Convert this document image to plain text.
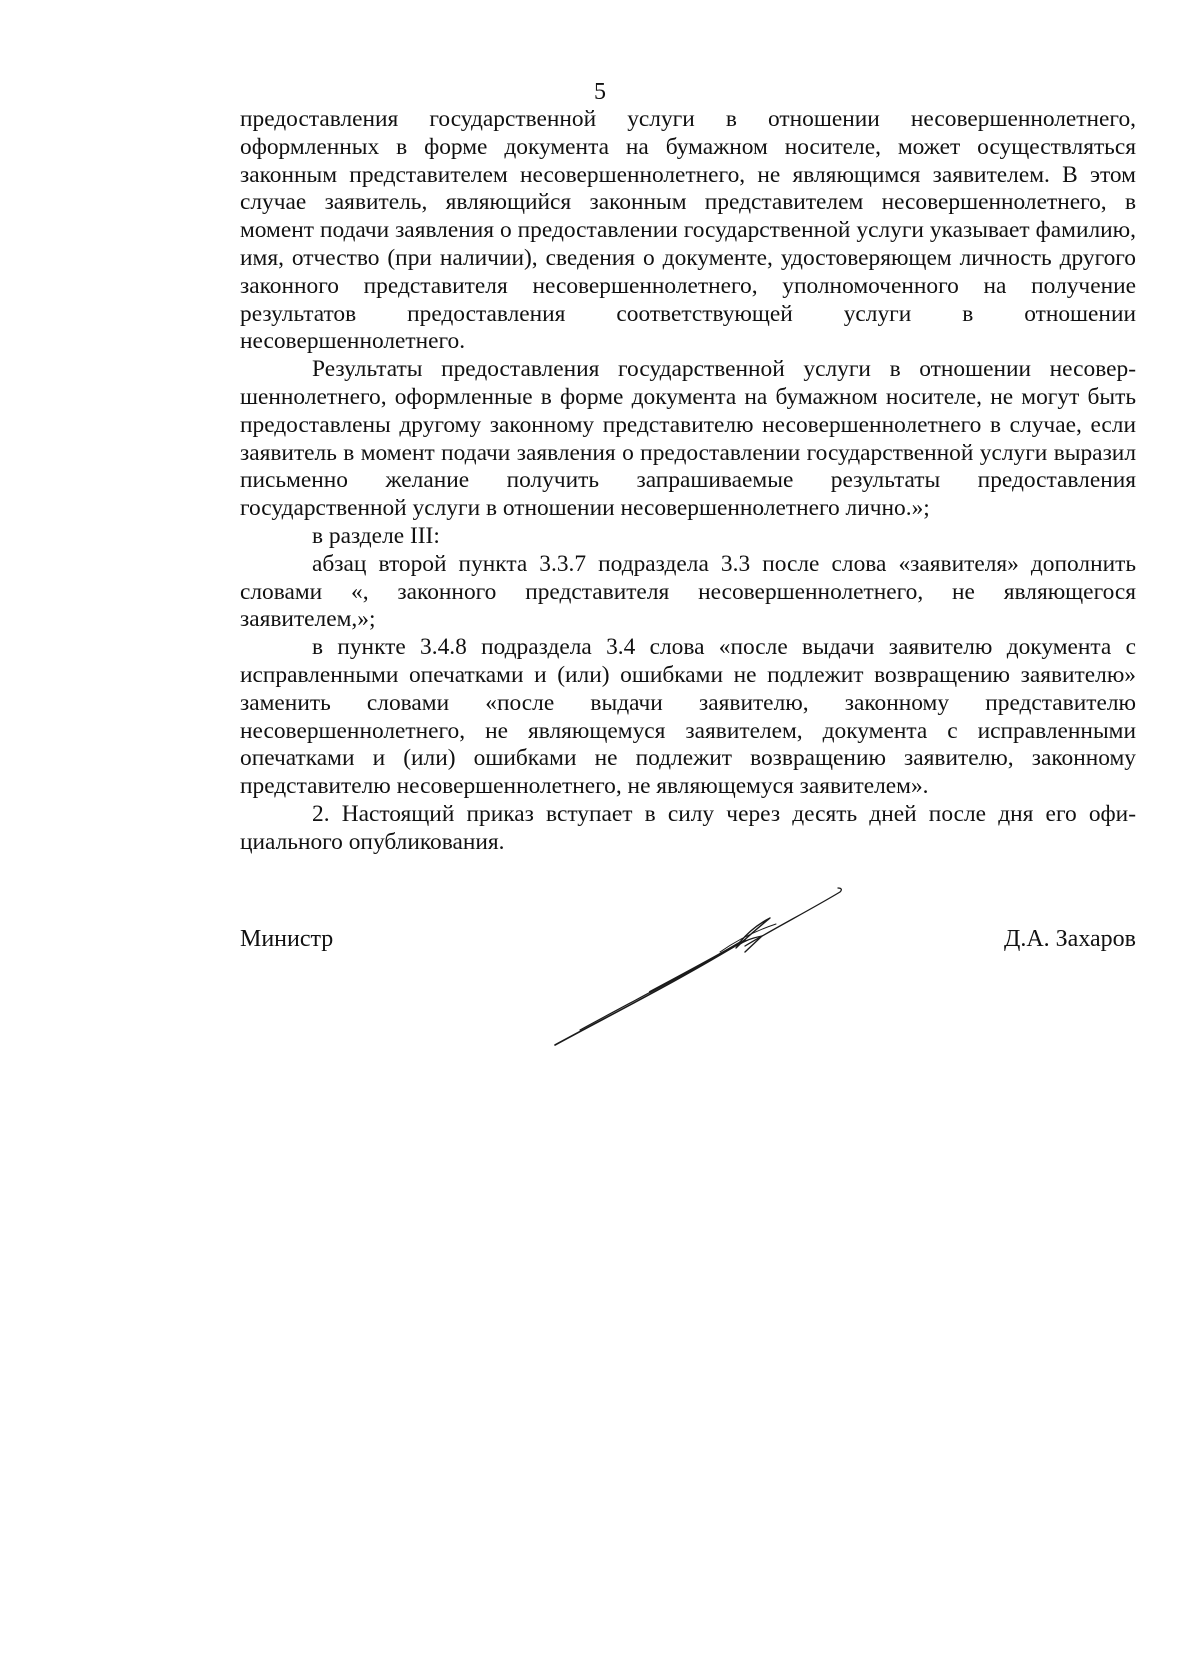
5

предоставления государственной услуги в отношении несовершеннолетнего, оформленных в форме документа на бумажном носителе, может осуществляться законным представителем несовершеннолетнего, не являющимся заявителем. В этом случае заявитель, являющийся законным представителем несовершеннолетнего, в момент подачи заявления о предоставлении государственной услуги указывает фамилию, имя, отчество (при наличии), сведения о документе, удостоверяющем личность другого законного представителя несовершеннолетнего, уполномоченного на получение результатов предоставления соответствующей услуги в отношении несовершеннолетнего.

Результаты предоставления государственной услуги в отношении несовершеннолетнего, оформленные в форме документа на бумажном носителе, не могут быть предоставлены другому законному представителю несовершеннолетнего в случае, если заявитель в момент подачи заявления о предоставлении государственной услуги выразил письменно желание получить запрашиваемые результаты предоставления государственной услуги в отношении несовершеннолетнего лично.»;

в разделе III:

абзац второй пункта 3.3.7 подраздела 3.3 после слова «заявителя» дополнить словами «, законного представителя несовершеннолетнего, не являющегося заявителем,»;

в пункте 3.4.8 подраздела 3.4 слова «после выдачи заявителю документа с исправленными опечатками и (или) ошибками не подлежит возвращению заявителю» заменить словами «после выдачи заявителю, законному представителю несовершеннолетнего, не являющемуся заявителем, документа с исправленными опечатками и (или) ошибками не подлежит возвращению заявителю, законному представителю несовершеннолетнего, не являющемуся заявителем».

2. Настоящий приказ вступает в силу через десять дней после дня его официального опубликования.

Министр	Д.А. Захаров
